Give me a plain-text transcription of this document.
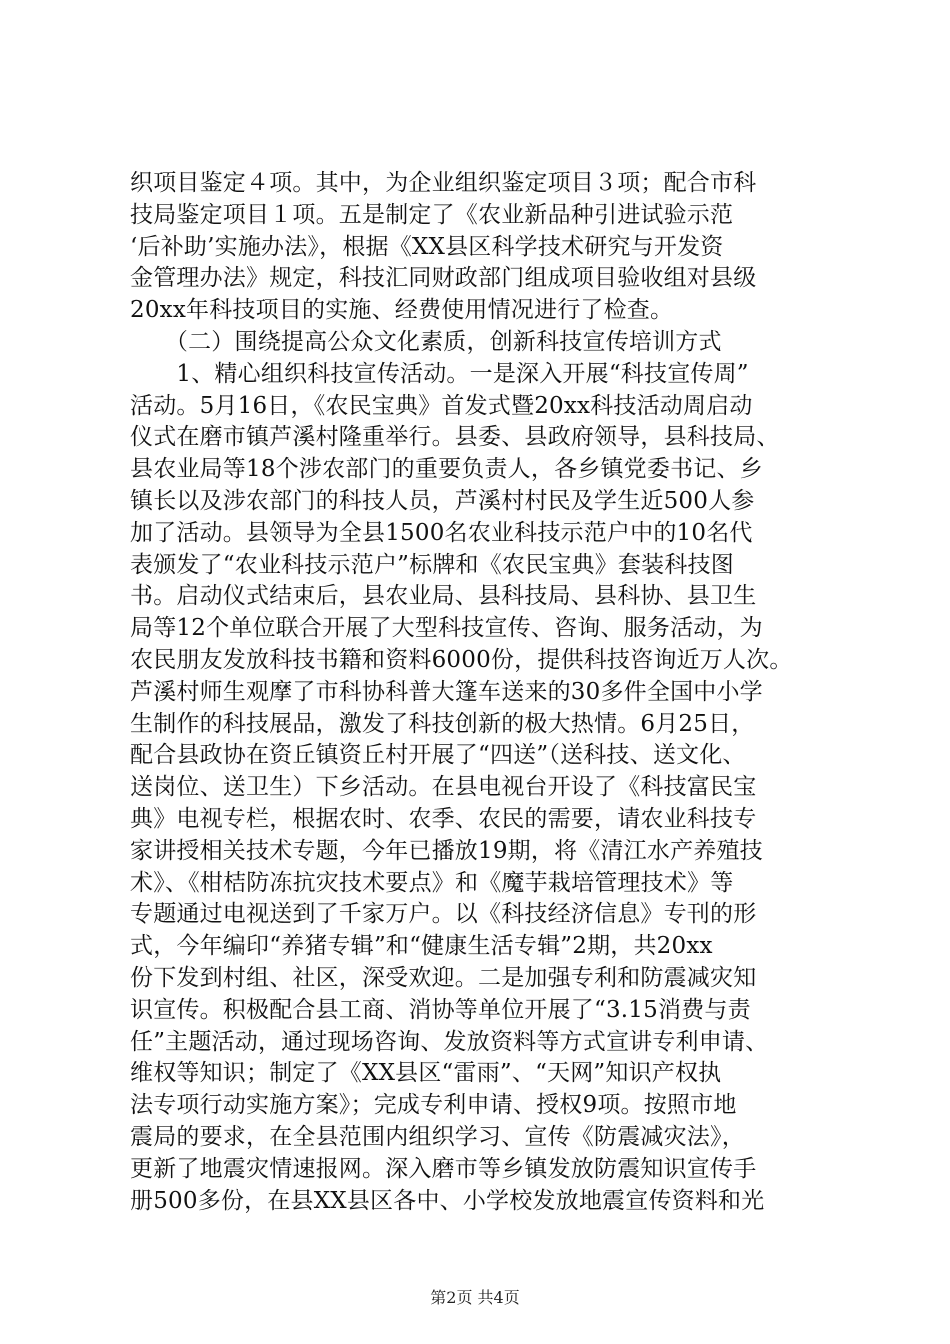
织项目鉴定４项。其中，为企业组织鉴定项目３项；配合市科
技局鉴定项目１项。五是制定了《农业新品种引进试验示范
‘后补助’实施办法》，根据《XX县区科学技术研究与开发资
金管理办法》规定，科技汇同财政部门组成项目验收组对县级
20xx年科技项目的实施、经费使用情况进行了检查。
　　（二）围绕提高公众文化素质，创新科技宣传培训方式
　　1、精心组织科技宣传活动。一是深入开展“科技宣传周”
活动。5月16日，《农民宝典》首发式暨20xx科技活动周启动
仪式在磨市镇芦溪村隆重举行。县委、县政府领导，县科技局、
县农业局等18个涉农部门的重要负责人，各乡镇党委书记、乡
镇长以及涉农部门的科技人员，芦溪村村民及学生近500人参
加了活动。县领导为全县1500名农业科技示范户中的10名代
表颁发了“农业科技示范户”标牌和《农民宝典》套装科技图
书。启动仪式结束后，县农业局、县科技局、县科协、县卫生
局等12个单位联合开展了大型科技宣传、咨询、服务活动，为
农民朋友发放科技书籍和资料6000份，提供科技咨询近万人次。
芦溪村师生观摩了市科协科普大篷车送来的30多件全国中小学
生制作的科技展品，激发了科技创新的极大热情。6月25日，
配合县政协在资丘镇资丘村开展了“四送”（送科技、送文化、
送岗位、送卫生）下乡活动。在县电视台开设了《科技富民宝
典》电视专栏，根据农时、农季、农民的需要，请农业科技专
家讲授相关技术专题，今年已播放19期，将《清江水产养殖技
术》、《柑桔防冻抗灾技术要点》和《魔芋栽培管理技术》等
专题通过电视送到了千家万户。以《科技经济信息》专刊的形
式，今年编印“养猪专辑”和“健康生活专辑”2期，共20xx
份下发到村组、社区，深受欢迎。二是加强专利和防震减灾知
识宣传。积极配合县工商、消协等单位开展了“3.15消费与责
任”主题活动，通过现场咨询、发放资料等方式宣讲专利申请、
维权等知识；制定了《XX县区“雷雨”、“天网”知识产权执
法专项行动实施方案》；完成专利申请、授权9项。按照市地
震局的要求，在全县范围内组织学习、宣传《防震减灾法》，
更新了地震灾情速报网。深入磨市等乡镇发放防震知识宣传手
册500多份，在县XX县区各中、小学校发放地震宣传资料和光
第2页 共4页
